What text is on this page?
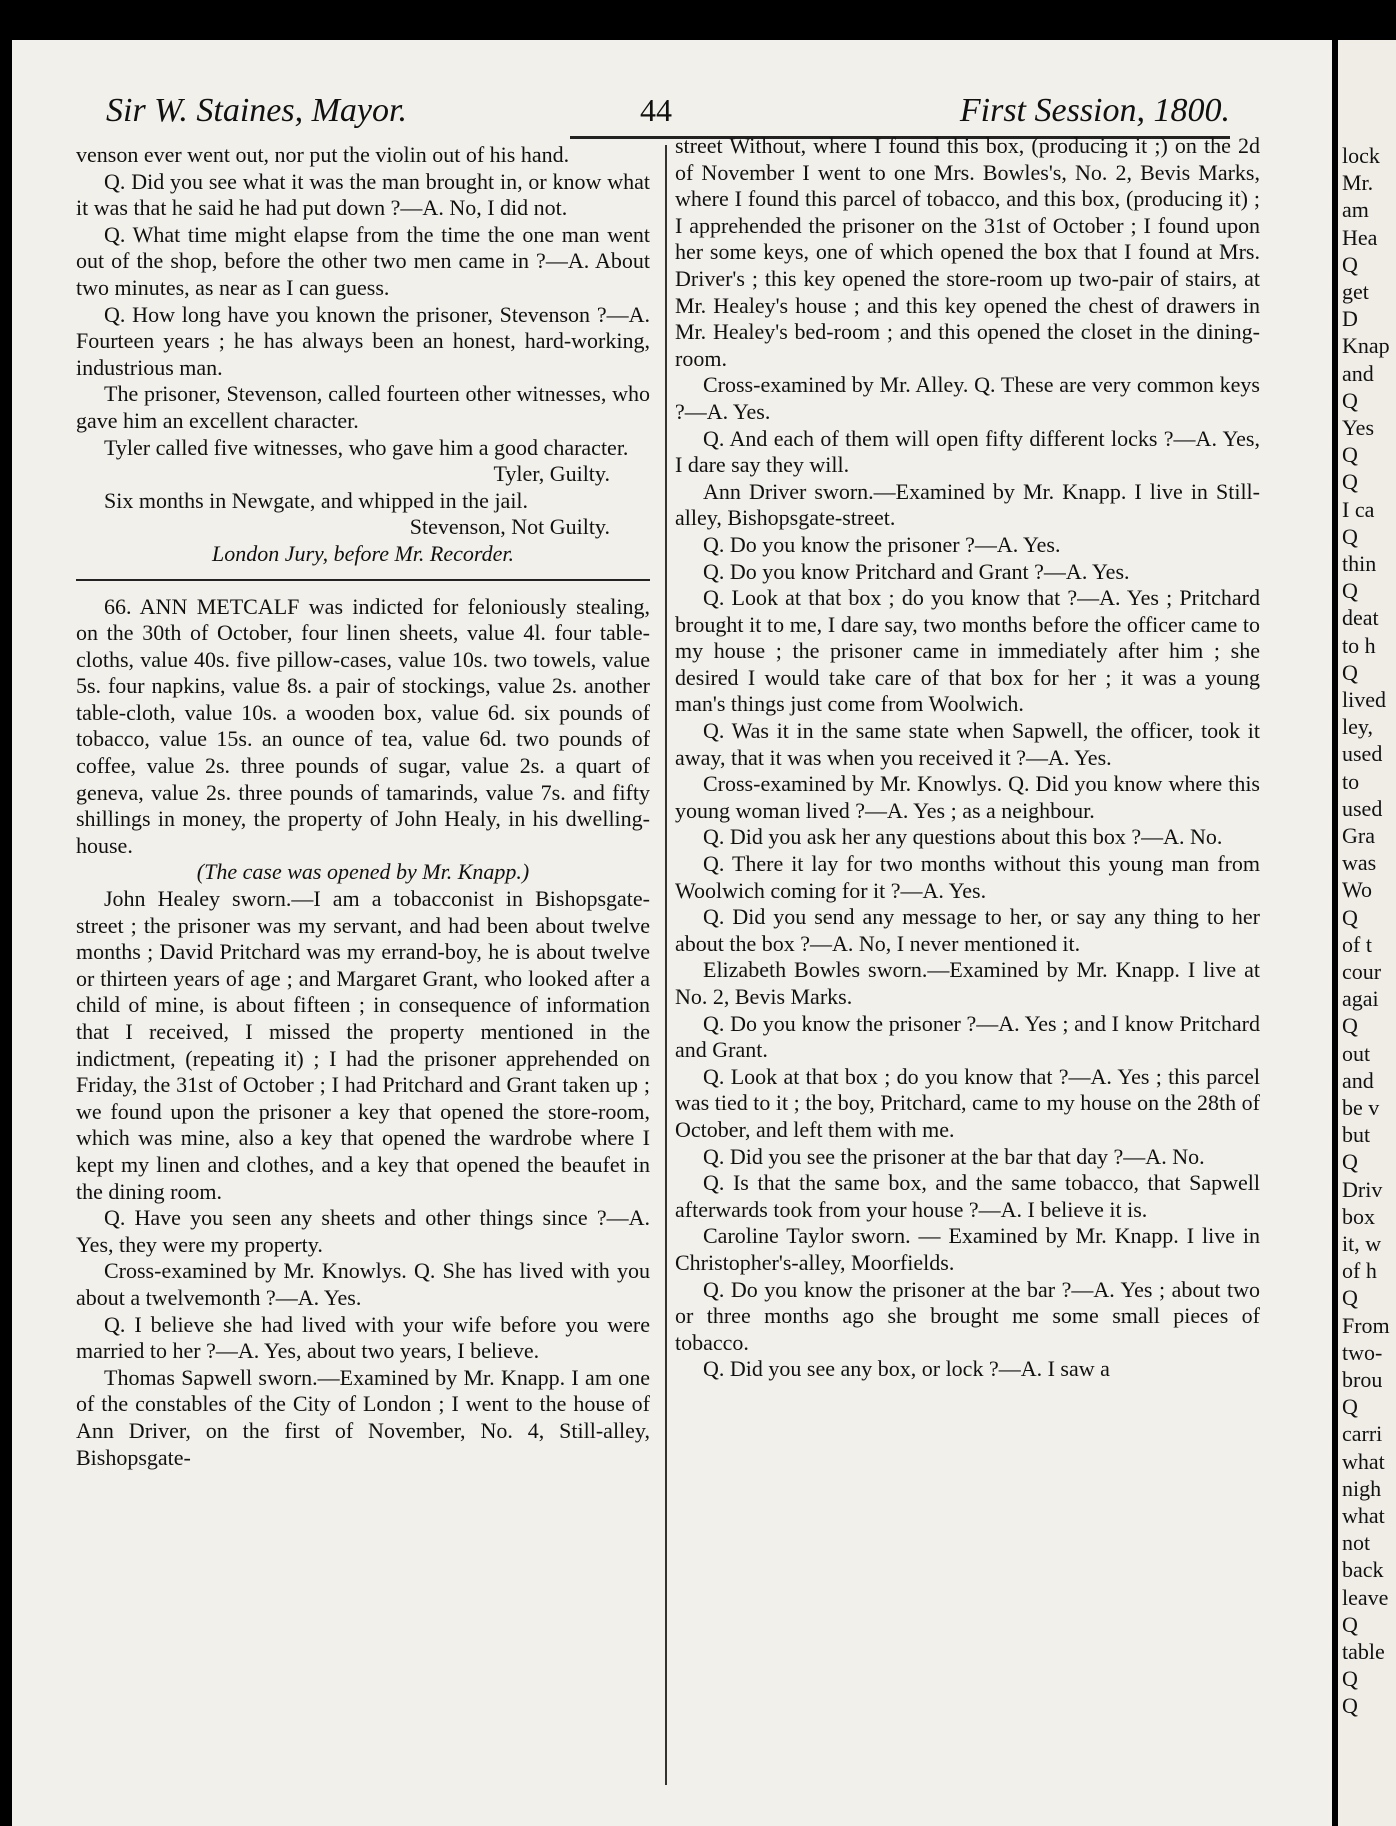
Sir W. Staines, Mayor.	44	First Session, 1800.

venson ever went out, nor put the violin out of his hand.

Q. Did you see what it was the man brought in, or know what it was that he said he had put down ?—A. No, I did not.

Q. What time might elapse from the time the one man went out of the shop, before the other two men came in ?—A. About two minutes, as near as I can guess.

Q. How long have you known the prisoner, Stevenson ?—A. Fourteen years ; he has always been an honest, hard-working, industrious man.

The prisoner, Stevenson, called fourteen other witnesses, who gave him an excellent character.

Tyler called five witnesses, who gave him a good character.

Tyler, Guilty.

Six months in Newgate, and whipped in the jail.

Stevenson, Not Guilty.

London Jury, before Mr. Recorder.

66. ANN METCALF was indicted for feloniously stealing, on the 30th of October, four linen sheets, value 4l. four table-cloths, value 40s. five pillow-cases, value 10s. two towels, value 5s. four napkins, value 8s. a pair of stockings, value 2s. another table-cloth, value 10s. a wooden box, value 6d. six pounds of tobacco, value 15s. an ounce of tea, value 6d. two pounds of coffee, value 2s. three pounds of sugar, value 2s. a quart of geneva, value 2s. three pounds of tamarinds, value 7s. and fifty shillings in money, the property of John Healy, in his dwelling-house.

(The case was opened by Mr. Knapp.)

John Healey sworn.—I am a tobacconist in Bishopsgate-street ; the prisoner was my servant, and had been about twelve months ; David Pritchard was my errand-boy, he is about twelve or thirteen years of age ; and Margaret Grant, who looked after a child of mine, is about fifteen ; in consequence of information that I received, I missed the property mentioned in the indictment, (repeating it) ; I had the prisoner apprehended on Friday, the 31st of October ; I had Pritchard and Grant taken up ; we found upon the prisoner a key that opened the store-room, which was mine, also a key that opened the wardrobe where I kept my linen and clothes, and a key that opened the beaufet in the dining room.

Q. Have you seen any sheets and other things since ?—A. Yes, they were my property.

Cross-examined by Mr. Knowlys. Q. She has lived with you about a twelvemonth ?—A. Yes.

Q. I believe she had lived with your wife before you were married to her ?—A. Yes, about two years, I believe.

Thomas Sapwell sworn.—Examined by Mr. Knapp. I am one of the constables of the City of London ; I went to the house of Ann Driver, on the first of November, No. 4, Still-alley, Bishopsgate-

street Without, where I found this box, (producing it ;) on the 2d of November I went to one Mrs. Bowles's, No. 2, Bevis Marks, where I found this parcel of tobacco, and this box, (producing it) ; I apprehended the prisoner on the 31st of October ; I found upon her some keys, one of which opened the box that I found at Mrs. Driver's ; this key opened the store-room up two-pair of stairs, at Mr. Healey's house ; and this key opened the chest of drawers in Mr. Healey's bed-room ; and this opened the closet in the dining-room.

Cross-examined by Mr. Alley. Q. These are very common keys ?—A. Yes.

Q. And each of them will open fifty different locks ?—A. Yes, I dare say they will.

Ann Driver sworn.—Examined by Mr. Knapp. I live in Still-alley, Bishopsgate-street.

Q. Do you know the prisoner ?—A. Yes.

Q. Do you know Pritchard and Grant ?—A. Yes.

Q. Look at that box ; do you know that ?—A. Yes ; Pritchard brought it to me, I dare say, two months before the officer came to my house ; the prisoner came in immediately after him ; she desired I would take care of that box for her ; it was a young man's things just come from Woolwich.

Q. Was it in the same state when Sapwell, the officer, took it away, that it was when you received it ?—A. Yes.

Cross-examined by Mr. Knowlys. Q. Did you know where this young woman lived ?—A. Yes ; as a neighbour.

Q. Did you ask her any questions about this box ?—A. No.

Q. There it lay for two months without this young man from Woolwich coming for it ?—A. Yes.

Q. Did you send any message to her, or say any thing to her about the box ?—A. No, I never mentioned it.

Elizabeth Bowles sworn.—Examined by Mr. Knapp. I live at No. 2, Bevis Marks.

Q. Do you know the prisoner ?—A. Yes ; and I know Pritchard and Grant.

Q. Look at that box ; do you know that ?—A. Yes ; this parcel was tied to it ; the boy, Pritchard, came to my house on the 28th of October, and left them with me.

Q. Did you see the prisoner at the bar that day ?—A. No.

Q. Is that the same box, and the same tobacco, that Sapwell afterwards took from your house ?—A. I believe it is.

Caroline Taylor sworn. — Examined by Mr. Knapp. I live in Christopher's-alley, Moorfields.

Q. Do you know the prisoner at the bar ?—A. Yes ; about two or three months ago she brought me some small pieces of tobacco.

Q. Did you see any box, or lock ?—A. I saw a

lock
Mr.
am
Hea
Q
get
D
Knap
and
Q
Yes
Q
Q
I ca
Q
thin
Q
deat
to h
Q
lived
ley,
used
to
used
Gra
was
Wo
Q
of t
cour
agai
Q
out
and
be v
but
Q
Driv
box
it, w
of h
Q
From
two-
brou
Q
carri
what
nigh
what
not
back
leave
Q
table
Q
Q
